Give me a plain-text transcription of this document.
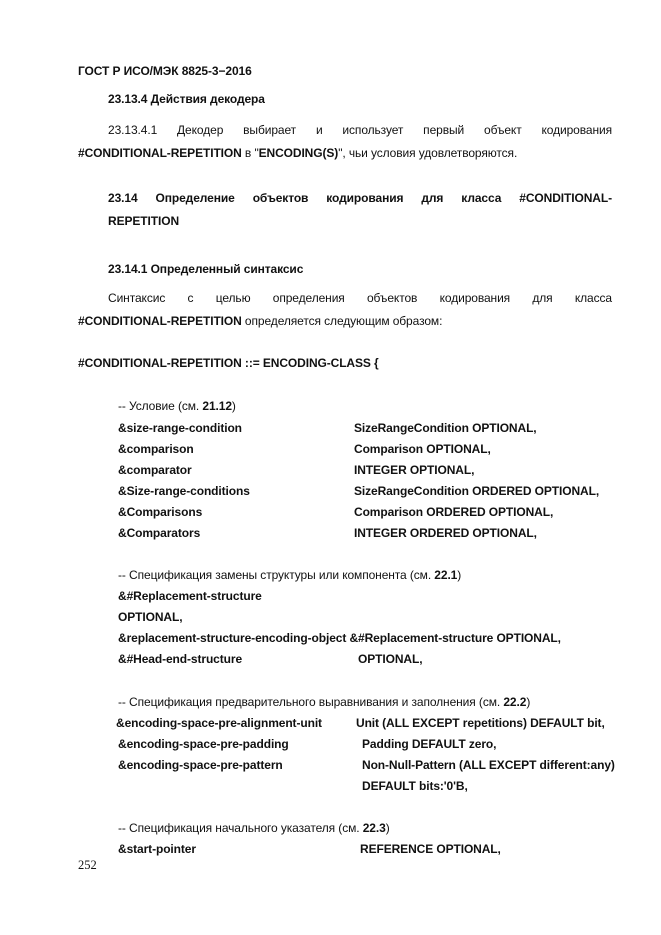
ГОСТ Р ИСО/МЭК 8825-3−2016
23.13.4 Действия декодера
23.13.4.1 Декодер выбирает и использует первый объект кодирования
#CONDITIONAL-REPETITION в "ENCODING(S)", чьи условия удовлетворяются.
23.14 Определение объектов кодирования для класса #CONDITIONAL-
REPETITION
23.14.1 Определенный синтаксис
Синтаксис с целью определения объектов кодирования для класса
#CONDITIONAL-REPETITION определяется следующим образом:
#CONDITIONAL-REPETITION ::= ENCODING-CLASS {
-- Условие (см. 21.12)
&size-range-condition	SizeRangeCondition OPTIONAL,
&comparison	Comparison OPTIONAL,
&comparator	INTEGER OPTIONAL,
&Size-range-conditions	SizeRangeCondition ORDERED OPTIONAL,
&Comparisons	Comparison ORDERED OPTIONAL,
&Comparators	INTEGER ORDERED OPTIONAL,
-- Спецификация замены структуры или компонента (см. 22.1)
&#Replacement-structure
OPTIONAL,
&replacement-structure-encoding-object &#Replacement-structure OPTIONAL,
&#Head-end-structure	OPTIONAL,
-- Спецификация предварительного выравнивания и заполнения (см. 22.2)
&encoding-space-pre-alignment-unit	Unit (ALL EXCEPT repetitions) DEFAULT bit,
&encoding-space-pre-padding	Padding DEFAULT zero,
&encoding-space-pre-pattern	Non-Null-Pattern (ALL EXCEPT different:any)
DEFAULT bits:'0'B,
-- Спецификация начального указателя (см. 22.3)
&start-pointer	REFERENCE OPTIONAL,
252
